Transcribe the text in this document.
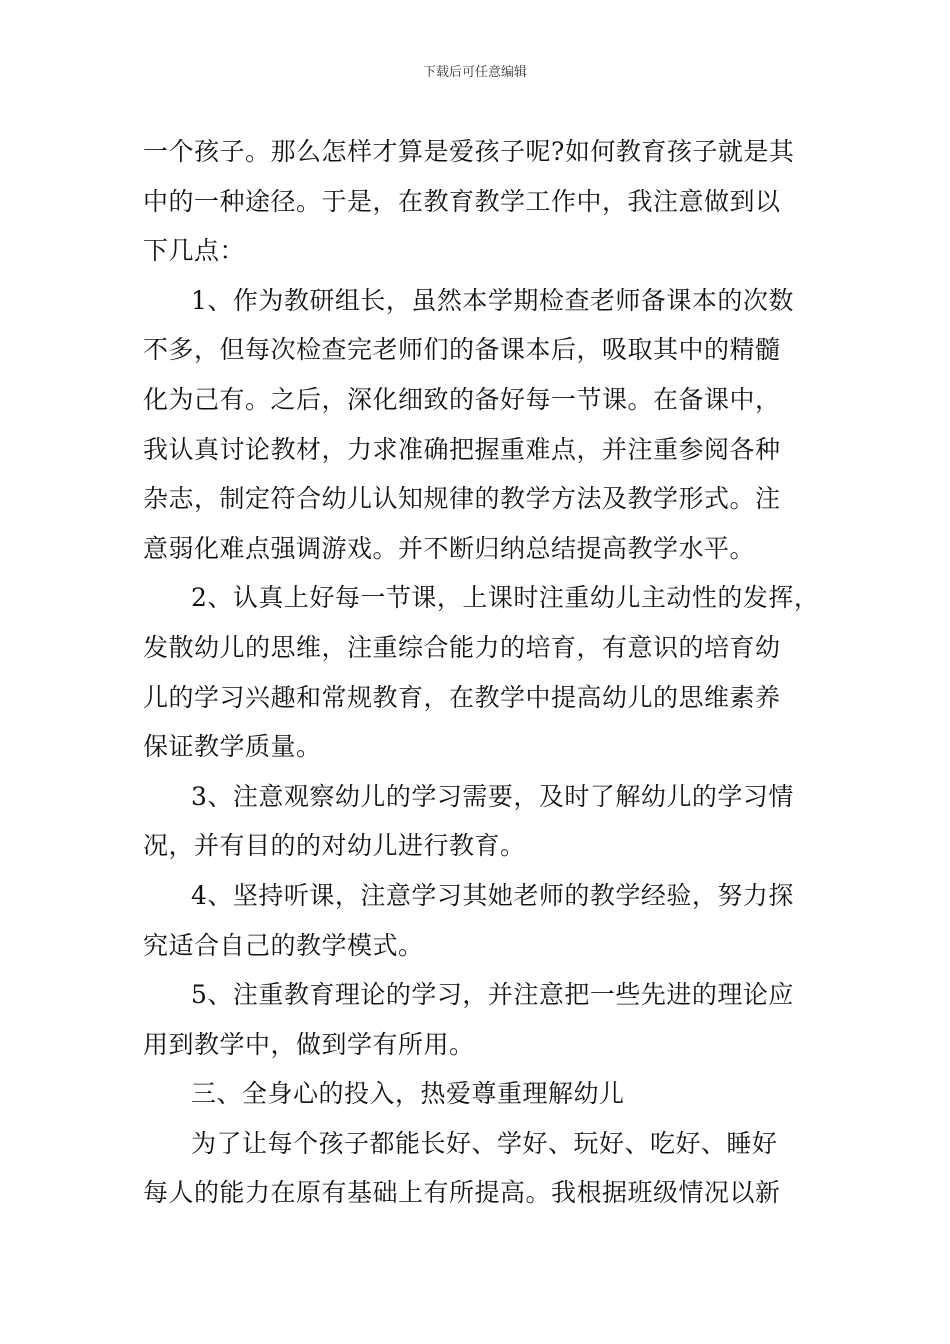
下载后可任意编辑
一个孩子。那么怎样才算是爱孩子呢?如何教育孩子就是其
中的一种途径。于是，在教育教学工作中，我注意做到以
下几点：
1、作为教研组长，虽然本学期检查老师备课本的次数
不多，但每次检查完老师们的备课本后，吸取其中的精髓
化为己有。之后，深化细致的备好每一节课。在备课中，
我认真讨论教材，力求准确把握重难点，并注重参阅各种
杂志，制定符合幼儿认知规律的教学方法及教学形式。注
意弱化难点强调游戏。并不断归纳总结提高教学水平。
2、认真上好每一节课，上课时注重幼儿主动性的发挥，
发散幼儿的思维，注重综合能力的培育，有意识的培育幼
儿的学习兴趣和常规教育，在教学中提高幼儿的思维素养
保证教学质量。
3、注意观察幼儿的学习需要，及时了解幼儿的学习情
况，并有目的的对幼儿进行教育。
4、坚持听课，注意学习其她老师的教学经验，努力探
究适合自己的教学模式。
5、注重教育理论的学习，并注意把一些先进的理论应
用到教学中，做到学有所用。
三、全身心的投入，热爱尊重理解幼儿
为了让每个孩子都能长好、学好、玩好、吃好、睡好
每人的能力在原有基础上有所提高。我根据班级情况以新
